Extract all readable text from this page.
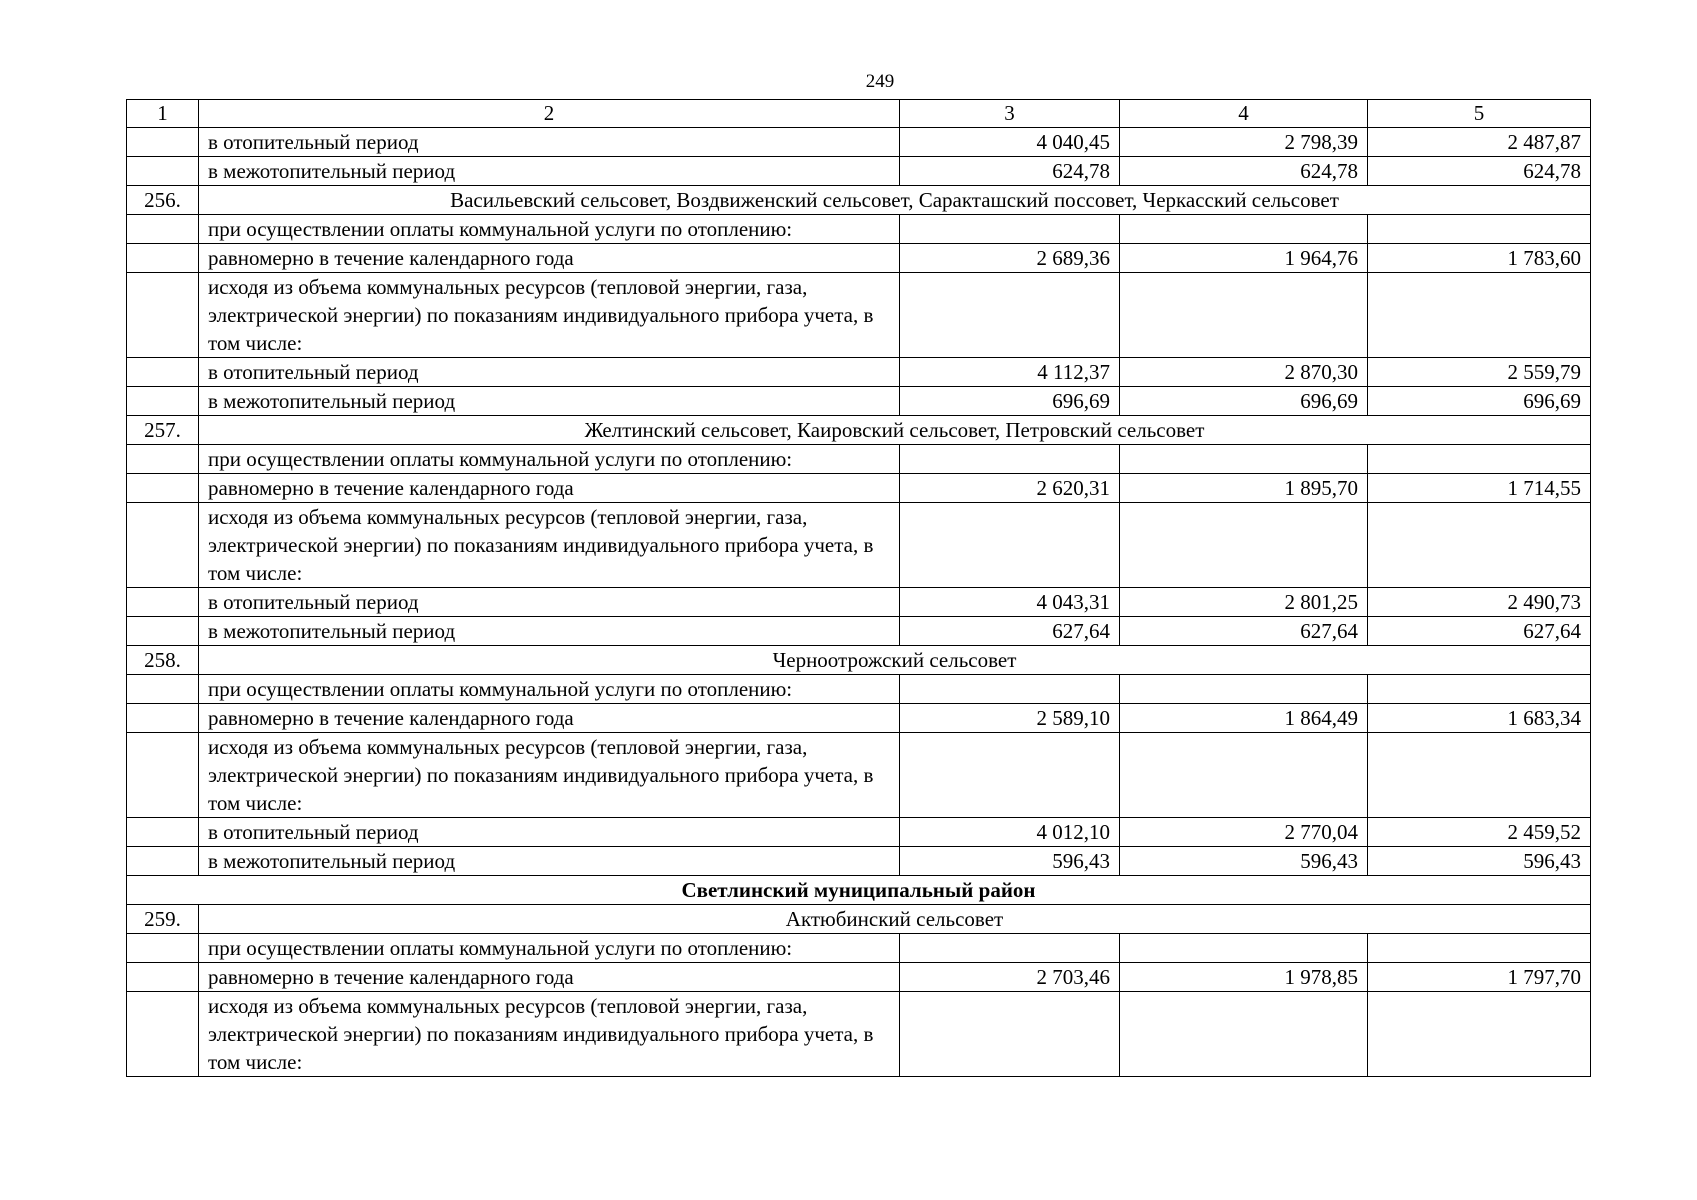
249
1	2	3	4	5
	в отопительный период	4 040,45	2 798,39	2 487,87
	в межотопительный период	624,78	624,78	624,78
256.	Васильевский сельсовет, Воздвиженский сельсовет, Саракташский поссовет, Черкасский сельсовет			
	при осуществлении оплаты коммунальной услуги по отоплению:			
	равномерно в течение календарного года	2 689,36	1 964,76	1 783,60
	исходя из объема коммунальных ресурсов (тепловой энергии, газа, электрической энергии) по показаниям индивидуального прибора учета, в том числе:			
	в отопительный период	4 112,37	2 870,30	2 559,79
	в межотопительный период	696,69	696,69	696,69
257.	Желтинский сельсовет, Каировский сельсовет, Петровский сельсовет			
	при осуществлении оплаты коммунальной услуги по отоплению:			
	равномерно в течение календарного года	2 620,31	1 895,70	1 714,55
	исходя из объема коммунальных ресурсов (тепловой энергии, газа, электрической энергии) по показаниям индивидуального прибора учета, в том числе:			
	в отопительный период	4 043,31	2 801,25	2 490,73
	в межотопительный период	627,64	627,64	627,64
258.	Черноотрожский сельсовет			
	при осуществлении оплаты коммунальной услуги по отоплению:			
	равномерно в течение календарного года	2 589,10	1 864,49	1 683,34
	исходя из объема коммунальных ресурсов (тепловой энергии, газа, электрической энергии) по показаниям индивидуального прибора учета, в том числе:			
	в отопительный период	4 012,10	2 770,04	2 459,52
	в межотопительный период	596,43	596,43	596,43
Светлинский муниципальный район				
259.	Актюбинский сельсовет			
	при осуществлении оплаты коммунальной услуги по отоплению:			
	равномерно в течение календарного года	2 703,46	1 978,85	1 797,70
	исходя из объема коммунальных ресурсов (тепловой энергии, газа, электрической энергии) по показаниям индивидуального прибора учета, в том числе:			
